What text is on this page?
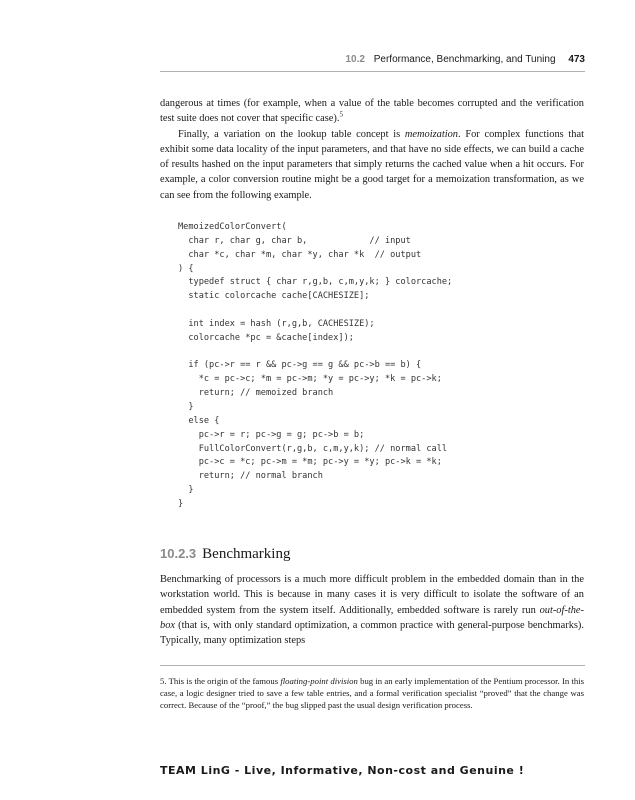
10.2 Performance, Benchmarking, and Tuning 473

dangerous at times (for example, when a value of the table becomes corrupted and the verification test suite does not cover that specific case).$^5$

Finally, a variation on the lookup table concept is memoization. For complex functions that exhibit some data locality of the input parameters, and that have no side effects, we can build a cache of results hashed on the input parameters that simply returns the cached value when a hit occurs. For example, a color conversion routine might be a good target for a memoization transformation, as we can see from the following example.

MemoizedColorConvert(
char r, char g, char b,            // input
char *c, char *m, char *y, char *k  // output
) {
typedef struct { char r,g,b, c,m,y,k; } colorcache;
static colorcache cache[CACHESIZE];

int index = hash (r,g,b, CACHESIZE);
colorcache *pc = &cache[index]);

if (pc->r == r && pc->g == g && pc->b == b) {
*c = pc->c; *m = pc->m; *y = pc->y; *k = pc->k;
return; // memoized branch
}
else {
pc->r = r; pc->g = g; pc->b = b;
FullColorConvert(r,g,b, c,m,y,k); // normal call
pc->c = *c; pc->m = *m; pc->y = *y; pc->k = *k;
return; // normal branch
}
}
10.2.3 Benchmarking

Benchmarking of processors is a much more difficult problem in the embedded domain than in the workstation world. This is because in many cases it is very difficult to isolate the software of an embedded system from the system itself. Additionally, embedded software is rarely run out-of-the-box (that is, with only standard optimization, a common practice with general-purpose benchmarks). Typically, many optimization steps

5. This is the origin of the famous floating-point division bug in an early implementation of the Pentium processor. In this case, a logic designer tried to save a few table entries, and a formal verification specialist “proved” that the change was correct. Because of the “proof,” the bug slipped past the usual design verification process.
TEAM LinG - Live, Informative, Non-cost and Genuine !
